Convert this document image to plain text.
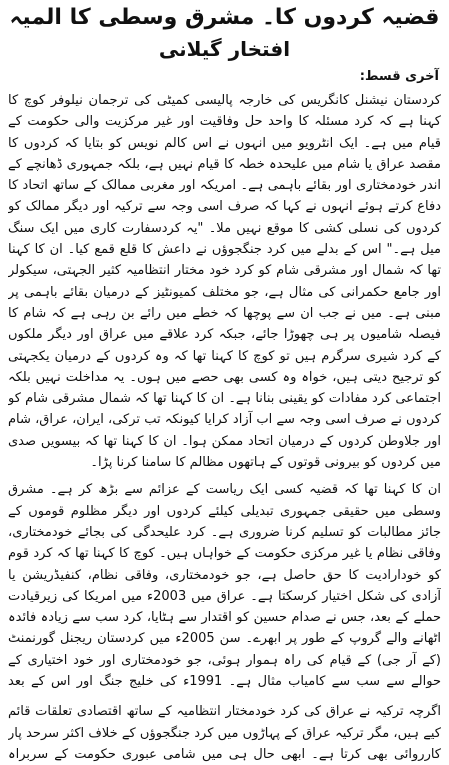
قضیہ کردوں کا۔ مشرق وسطی کا المیہ
افتخار گیلانی
آخری قسط:

کردستان نیشنل کانگریس کی خارجہ پالیسی کمیٹی کی ترجمان نیلوفر کوچ کا کہنا ہے کہ کرد مسئلہ کا واحد حل وفاقیت اور غیر مرکزیت والی حکومت کے قیام میں ہے۔ ایک انٹرویو میں انہوں نے اس کالم نویس کو بتایا کہ کردوں کا مقصد عراق یا شام میں علیحدہ خطہ کا قیام نہیں ہے، بلکہ جمہوری ڈھانچے کے اندر خودمختاری اور بقائے باہمی ہے۔ امریکہ اور مغربی ممالک کے ساتھ اتحاد کا دفاع کرتے ہوئے انہوں نے کہا کہ صرف اسی وجہ سے ترکیہ اور دیگر ممالک کو کردوں کی نسلی کشی کا موقع نہیں ملا۔ "یہ کردسفارت کاری میں ایک سنگ میل ہے۔" اس کے بدلے میں کرد جنگجوؤں نے داعش کا قلع قمع کیا۔ ان کا کہنا تھا کہ شمال اور مشرقی شام کو کرد خود مختار انتظامیہ کثیر الجہتی، سیکولر اور جامع حکمرانی کی مثال ہے، جو مختلف کمیونٹیز کے درمیان بقائے باہمی پر مبنی ہے۔ میں نے جب ان سے پوچھا کہ خطے میں رائے بن رہی ہے کہ شام کا فیصلہ شامیوں پر ہی چھوڑا جائے، جبکہ کرد علاقے میں عراق اور دیگر ملکوں کے کرد شیری سرگرم ہیں تو کوچ کا کہنا تھا کہ وہ کردوں کے درمیان یکجہتی کو ترجیح دیتی ہیں، خواہ وہ کسی بھی حصے میں ہوں۔ یہ مداخلت نہیں بلکہ اجتماعی کرد مفادات کو یقینی بنانا ہے۔ ان کا کہنا تھا کہ شمال مشرقی شام کو کردوں نے صرف اسی وجہ سے اب آزاد کرایا کیونکہ تب ترکی، ایران، عراق، شام اور جلاوطن کردوں کے درمیان اتحاد ممکن ہوا۔ ان کا کہنا تھا کہ بیسویں صدی میں کردوں کو بیرونی قوتوں کے ہاتھوں مظالم کا سامنا کرنا پڑا۔

ان کا کہنا تھا کہ قضیہ کسی ایک ریاست کے عزائم سے بڑھ کر ہے۔ مشرق وسطی میں حقیقی جمہوری تبدیلی کیلئے کردوں اور دیگر مظلوم قوموں کے جائز مطالبات کو تسلیم کرنا ضروری ہے۔ کرد علیحدگی کی بجائے خودمختاری، وفاقی نظام یا غیر مرکزی حکومت کے خواہاں ہیں۔ کوچ کا کہنا تھا کہ کرد قوم کو خودارادیت کا حق حاصل ہے، جو خودمختاری، وفاقی نظام، کنفیڈریشن یا آزادی کی شکل اختیار کرسکتا ہے۔ عراق میں 2003ء میں امریکا کی زیرقیادت حملے کے بعد، جس نے صدام حسین کو اقتدار سے ہٹایا، کرد سب سے زیادہ فائدہ اٹھانے والے گروپ کے طور پر ابھرے۔ سن 2005ء میں کردستان ریجنل گورنمنٹ (کے آر جی) کے قیام کی راہ ہموار ہوئی، جو خودمختاری اور خود اختیاری کے حوالے سے سب سے کامیاب مثال ہے۔ 1991ء کی خلیج جنگ اور اس کے بعد

اگرچہ ترکیہ نے عراق کی کرد خودمختار انتظامیہ کے ساتھ اقتصادی تعلقات قائم کیے ہیں، مگر ترکیہ عراق کے پہاڑوں میں کرد جنگجوؤں کے خلاف اکثر سرحد پار کارروائی بھی کرتا ہے۔ ابھی حال ہی میں شامی عبوری حکومت کے سربراہ
